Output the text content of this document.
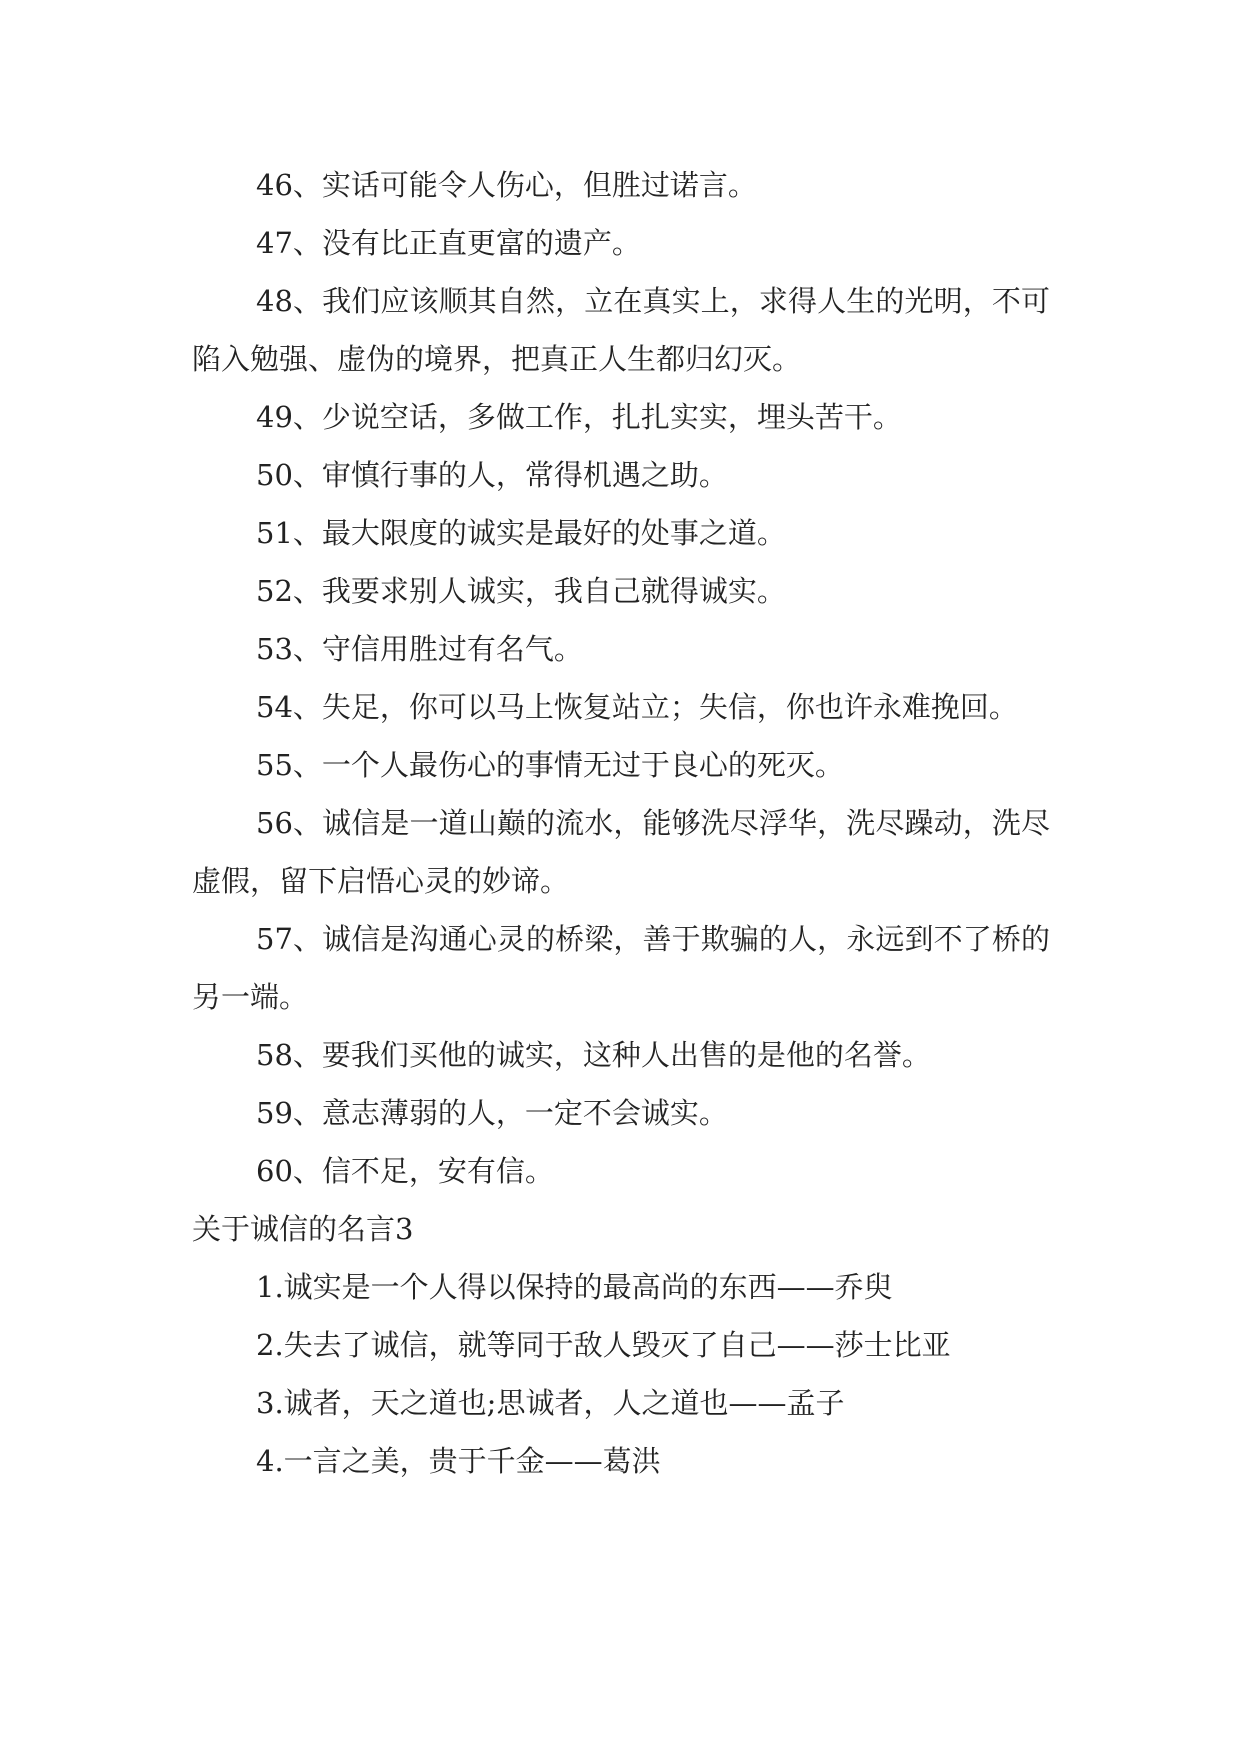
46、实话可能令人伤心，但胜过诺言。

47、没有比正直更富的遗产。

48、我们应该顺其自然，立在真实上，求得人生的光明，不可陷入勉强、虚伪的境界，把真正人生都归幻灭。

49、少说空话，多做工作，扎扎实实，埋头苦干。

50、审慎行事的人，常得机遇之助。

51、最大限度的诚实是最好的处事之道。

52、我要求别人诚实，我自己就得诚实。

53、守信用胜过有名气。

54、失足，你可以马上恢复站立；失信，你也许永难挽回。

55、一个人最伤心的事情无过于良心的死灭。

56、诚信是一道山巅的流水，能够洗尽浮华，洗尽躁动，洗尽虚假，留下启悟心灵的妙谛。

57、诚信是沟通心灵的桥梁，善于欺骗的人，永远到不了桥的另一端。

58、要我们买他的诚实，这种人出售的是他的名誉。

59、意志薄弱的人，一定不会诚实。

60、信不足，安有信。

关于诚信的名言3

1.诚实是一个人得以保持的最高尚的东西——乔臾

2.失去了诚信，就等同于敌人毁灭了自己——莎士比亚

3.诚者，天之道也;思诚者，人之道也——孟子

4.一言之美，贵于千金——葛洪
